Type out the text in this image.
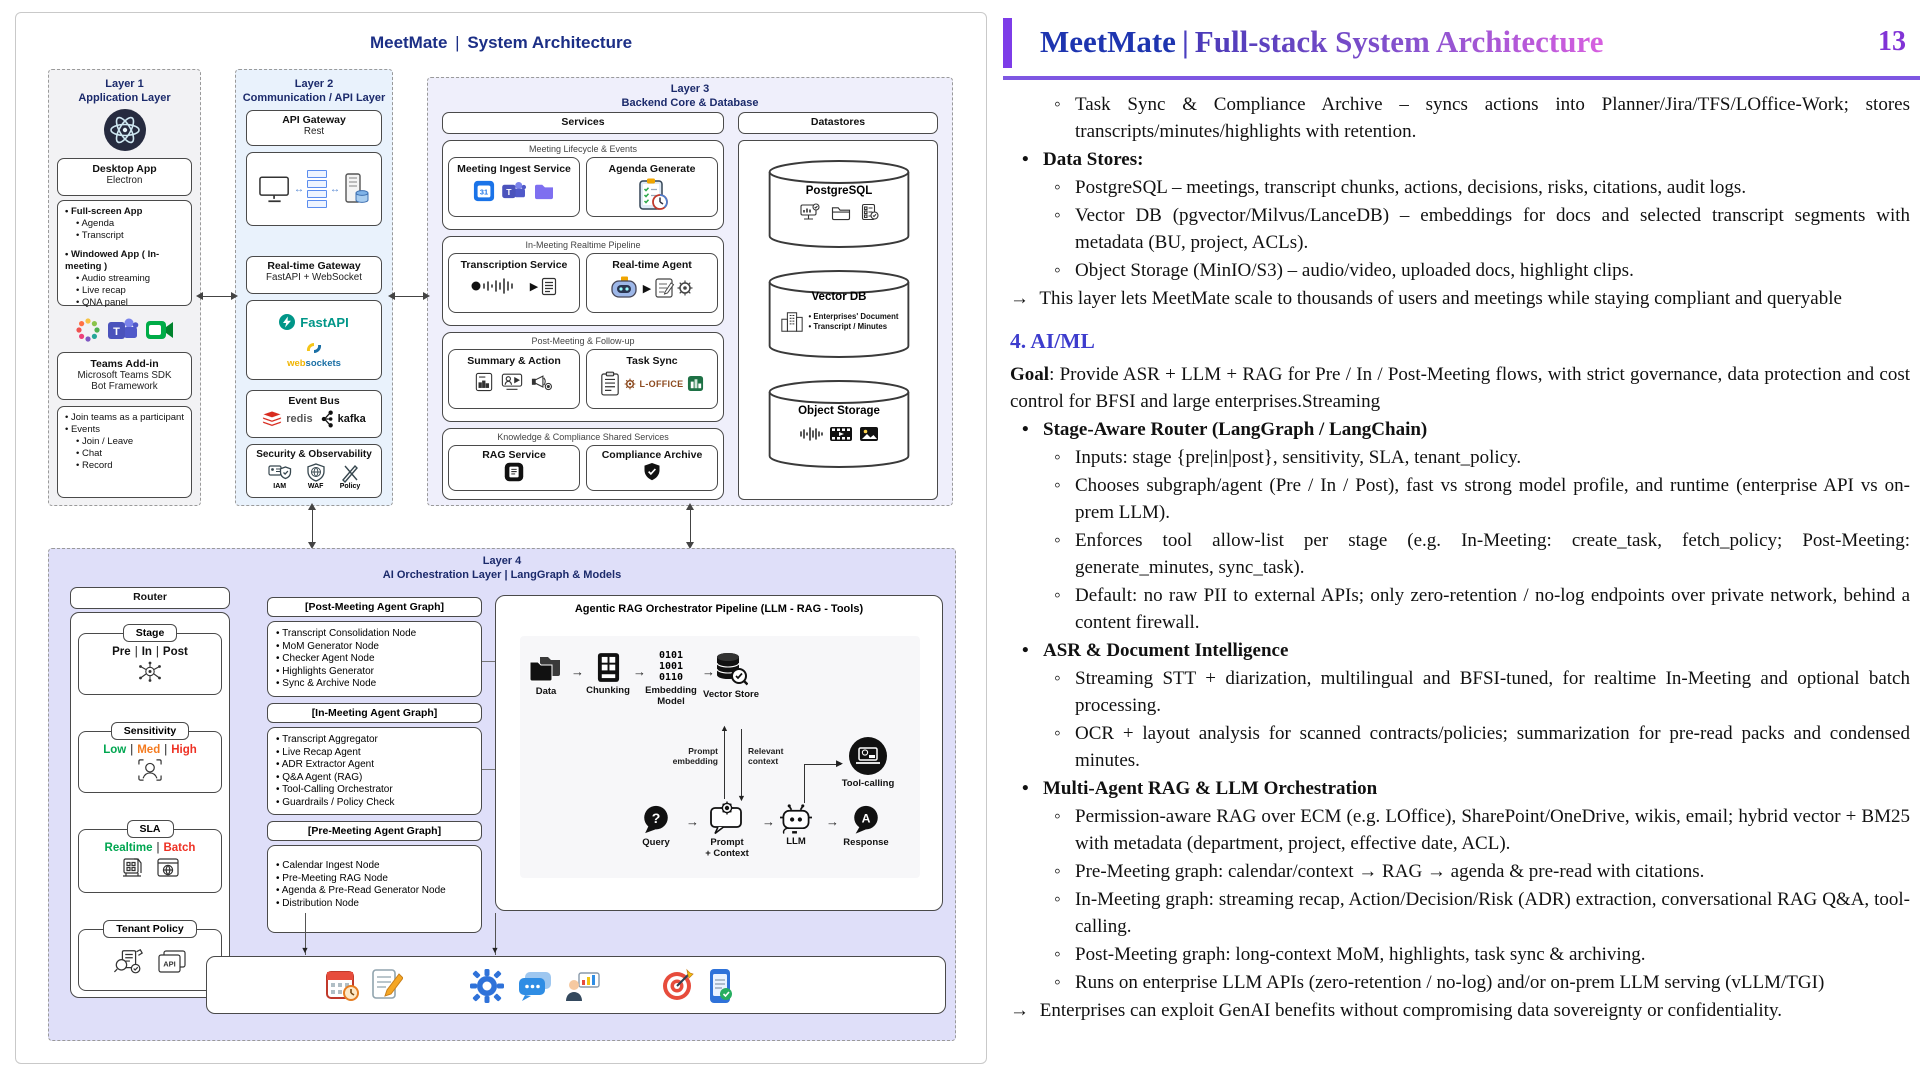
MeetMate | System Architecture
Layer 1
Application Layer
Desktop App
Electron
• Full-screen App
• Agenda
• Transcript
• Windowed App ( In-meeting )
• Audio streaming
• Live recap
• QNA panel
T
Teams Add-in
Microsoft Teams SDK
Bot Framework
• Join teams as a participant
• Events
• Join / Leave
• Chat
• Record
Layer 2
Communication / API Layer
API Gateway
Rest
↔	↔
Real-time Gateway
FastAPI + WebSocket
FastAPI
websockets
Event Bus
redis kafka
Security & Observability
IAM	WAF	Policy
Layer 3
Backend Core & Database
Services
Meeting Lifecycle & Events
Meeting Ingest Service
31 T
Agenda Generate
In-Meeting Realtime Pipeline
Transcription Service
▶
Real-time Agent
▶
Post-Meeting & Follow-up
Summary & Action	Task Sync
L-OFFICE
Knowledge & Compliance Shared Services
RAG Service	Compliance Archive
Datastores
PostgreSQL
Vector DB
• Enterprises' Document
• Transcript / Minutes
Object Storage
Layer 4
AI Orchestration Layer | LangGraph & Models
Router
Stage
Pre | In | Post
Sensitivity
Low | Med | High
SLA
Realtime | Batch
Tenant Policy
API
[Post-Meeting Agent Graph]
• Transcript Consolidation Node
• MoM Generator Node
• Checker Agent Node
• Highlights Generator
• Sync & Archive Node
[In-Meeting Agent Graph]
• Transcript Aggregator
• Live Recap Agent
• ADR Extractor Agent
• Q&A Agent (RAG)
• Tool-Calling Orchestrator
• Guardrails / Policy Check
[Pre-Meeting Agent Graph]
• Calendar Ingest Node
• Pre-Meeting RAG Node
• Agenda & Pre-Read Generator Node
• Distribution Node
Agentic RAG Orchestrator Pipeline (LLM - RAG - Tools)
Data
→
Chunking
→
0101
1001
0110
Embedding Model
→
Vector Store
▲
▼
Prompt
embedding
Relevant
context
?
Query
→
Prompt
+ Context
→
LLM
→ A
Response
▶
Tool-calling
▼	▼
MeetMate | Full-stack System Architecture	13
◦ Task Sync & Compliance Archive – syncs actions into Planner/Jira/TFS/LOffice-Work; stores transcripts/minutes/highlights with retention.
• Data Stores:
◦ PostgreSQL – meetings, transcript chunks, actions, decisions, risks, citations, audit logs.
◦ Vector DB (pgvector/Milvus/LanceDB) – embeddings for docs and selected transcript segments with metadata (BU, project, ACLs).
◦ Object Storage (MinIO/S3) – audio/video, uploaded docs, highlight clips.
→ This layer lets MeetMate scale to thousands of users and meetings while staying compliant and queryable
4. AI/ML
Goal: Provide ASR + LLM + RAG for Pre / In / Post-Meeting flows, with strict governance, data protection and cost control for BFSI and large enterprises.Streaming
• Stage-Aware Router (LangGraph / LangChain)
◦ Inputs: stage {pre|in|post}, sensitivity, SLA, tenant_policy.
◦ Chooses subgraph/agent (Pre / In / Post), fast vs strong model profile, and runtime (enterprise API vs on-prem LLM).
◦ Enforces tool allow-list per stage (e.g. In-Meeting: create_task, fetch_policy; Post-Meeting: generate_minutes, sync_task).
◦ Default: no raw PII to external APIs; only zero-retention / no-log endpoints over private network, behind a content firewall.
• ASR & Document Intelligence
◦ Streaming STT + diarization, multilingual and BFSI-tuned, for realtime In-Meeting and optional batch processing.
◦ OCR + layout analysis for scanned contracts/policies; summarization for pre-read packs and condensed minutes.
• Multi-Agent RAG & LLM Orchestration
◦ Permission-aware RAG over ECM (e.g. LOffice), SharePoint/OneDrive, wikis, email; hybrid vector + BM25 with metadata (department, project, effective date, ACL).
◦ Pre-Meeting graph: calendar/context → RAG → agenda & pre-read with citations.
◦ In-Meeting graph: streaming recap, Action/Decision/Risk (ADR) extraction, conversational RAG Q&A, tool-calling.
◦ Post-Meeting graph: long-context MoM, highlights, task sync & archiving.
◦ Runs on enterprise LLM APIs (zero-retention / no-log) and/or on-prem LLM serving (vLLM/TGI)
→ Enterprises can exploit GenAI benefits without compromising data sovereignty or confidentiality.
